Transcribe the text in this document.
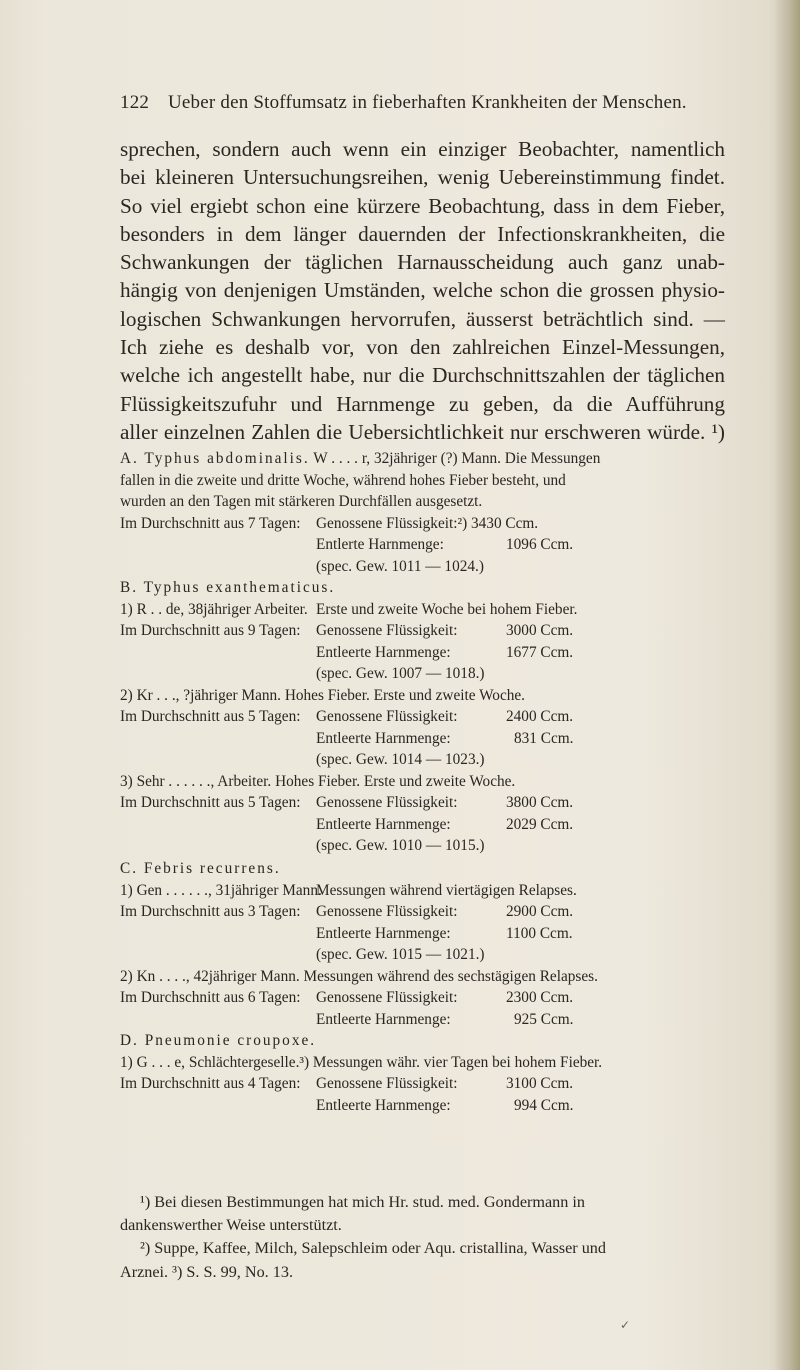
122 Ueber den Stoffumsatz in fieberhaften Krankheiten der Menschen.
sprechen, sondern auch wenn ein einziger Beobachter, namentlich
bei kleineren Untersuchungsreihen, wenig Uebereinstimmung findet.
So viel ergiebt schon eine kürzere Beobachtung, dass in dem Fieber,
besonders in dem länger dauernden der Infectionskrankheiten, die
Schwankungen der täglichen Harnausscheidung auch ganz unab-
hängig von denjenigen Umständen, welche schon die grossen physio-
logischen Schwankungen hervorrufen, äusserst beträchtlich sind. —
Ich ziehe es deshalb vor, von den zahlreichen Einzel-Messungen,
welche ich angestellt habe, nur die Durchschnittszahlen der täglichen
Flüssigkeitszufuhr und Harnmenge zu geben, da die Aufführung
aller einzelnen Zahlen die Uebersichtlichkeit nur erschweren würde. ¹)
A. Typhus abdominalis. W . . . . r, 32jähriger (?) Mann. Die Messungen
fallen in die zweite und dritte Woche, während hohes Fieber besteht, und
wurden an den Tagen mit stärkeren Durchfällen ausgesetzt.
Im Durchschnitt aus 7 Tagen: Genossene Flüssigkeit:²) 3430 Ccm.
Entlerte Harnmenge:	1096 Ccm.
(spec. Gew. 1011 — 1024.)
B. Typhus exanthematicus.
1) R . . de, 38jähriger Arbeiter. Erste und zweite Woche bei hohem Fieber.
Im Durchschnitt aus 9 Tagen: Genossene Flüssigkeit:	3000 Ccm.
Entleerte Harnmenge:	1677 Ccm.
(spec. Gew. 1007 — 1018.)
2) Kr . . ., ?jähriger Mann. Hohes Fieber. Erste und zweite Woche.
Im Durchschnitt aus 5 Tagen: Genossene Flüssigkeit:	2400 Ccm.
Entleerte Harnmenge:	831 Ccm.
(spec. Gew. 1014 — 1023.)
3) Sehr . . . . . ., Arbeiter. Hohes Fieber. Erste und zweite Woche.
Im Durchschnitt aus 5 Tagen: Genossene Flüssigkeit:	3800 Ccm.
Entleerte Harnmenge:	2029 Ccm.
(spec. Gew. 1010 — 1015.)
C. Febris recurrens.
1) Gen . . . . . ., 31jähriger Mann.
Messungen während viertägigen Relapses.
Im Durchschnitt aus 3 Tagen: Genossene Flüssigkeit:	2900 Ccm.
Entleerte Harnmenge:	1100 Ccm.
(spec. Gew. 1015 — 1021.)
2) Kn . . . ., 42jähriger Mann. Messungen während des sechstägigen Relapses.
Im Durchschnitt aus 6 Tagen: Genossene Flüssigkeit:	2300 Ccm.
Entleerte Harnmenge:	925 Ccm.
D. Pneumonie croupoxe.
1) G . . . e, Schlächtergeselle.³) Messungen währ. vier Tagen bei hohem Fieber.
Im Durchschnitt aus 4 Tagen: Genossene Flüssigkeit:	3100 Ccm.
Entleerte Harnmenge:	994 Ccm.
¹) Bei diesen Bestimmungen hat mich Hr. stud. med. Gondermann in
dankenswerther Weise unterstützt.
²) Suppe, Kaffee, Milch, Salepschleim oder Aqu. cristallina, Wasser und
Arznei. ³) S. S. 99, No. 13.
✓
